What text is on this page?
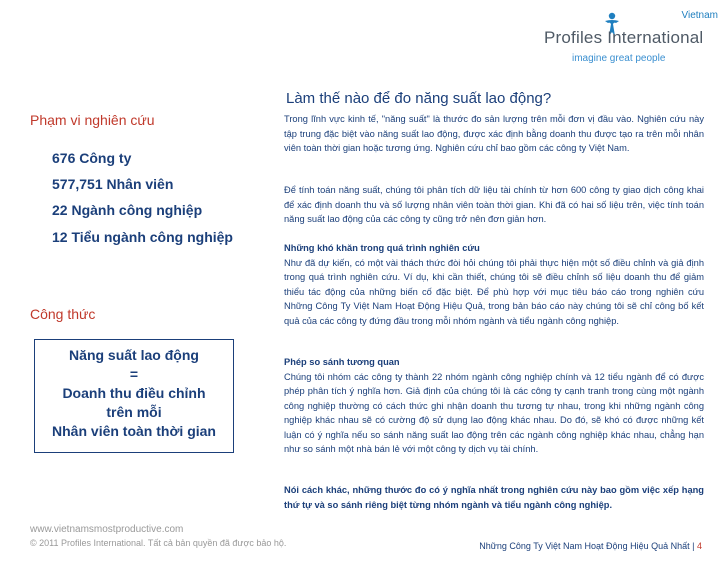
Vietnam
Profiles International
imagine great people
Phạm vi nghiên cứu
676 Công ty
577,751 Nhân viên
22 Ngành công nghiệp
12 Tiểu ngành công nghiệp
Công thức
Năng suất lao động
=
Doanh thu điều chỉnh
trên mỗi
Nhân viên toàn thời gian
www.vietnamsmostproductive.com
© 2011 Profiles International. Tất cả bản quyền đã được bảo hộ.
Làm thế nào để đo năng suất lao động?

Trong lĩnh vực kinh tế, "năng suất" là thước đo sản lượng trên mỗi đơn vị đầu vào. Nghiên cứu này tập trung đặc biệt vào năng suất lao động, được xác định bằng doanh thu được tạo ra trên mỗi nhân viên toàn thời gian hoặc tương ứng. Nghiên cứu chỉ bao gồm các công ty Việt Nam.

Để tính toán năng suất, chúng tôi phân tích dữ liệu tài chính từ hơn 600 công ty giao dịch công khai để xác định doanh thu và số lượng nhân viên toàn thời gian. Khi đã có hai số liệu trên, việc tính toán năng suất lao động của các công ty cũng trở nên đơn giản hơn.

Những khó khăn trong quá trình nghiên cứu

Như đã dự kiến, có một vài thách thức đòi hỏi chúng tôi phải thực hiện một số điều chỉnh và giả định trong quá trình nghiên cứu. Ví dụ, khi cần thiết, chúng tôi sẽ điều chỉnh số liệu doanh thu để giảm thiểu tác động của những biến cố đặc biệt. Để phù hợp với mục tiêu báo cáo trong nghiên cứu Những Công Ty Việt Nam Hoạt Động Hiệu Quả, trong bản báo cáo này chúng tôi sẽ chỉ công bố kết quả của các công ty đứng đầu trong mỗi nhóm ngành và tiểu ngành công nghiệp.

Phép so sánh tương quan

Chúng tôi nhóm các công ty thành 22 nhóm ngành công nghiệp chính và 12 tiểu ngành để có được phép phân tích ý nghĩa hơn. Giả định của chúng tôi là các công ty cạnh tranh trong cùng một ngành công nghiệp thường có cách thức ghi nhận doanh thu tương tự nhau, trong khi những ngành công nghiệp khác nhau sẽ có cường độ sử dụng lao động khác nhau. Do đó, sẽ khó có được những kết luận có ý nghĩa nếu so sánh năng suất lao động trên các ngành công nghiệp khác nhau, chẳng hạn như so sánh một nhà bán lẻ với một công ty dịch vụ tài chính.

Nói cách khác, những thước đo có ý nghĩa nhất trong nghiên cứu này bao gồm việc xếp hạng thứ tự và so sánh riêng biệt từng nhóm ngành và tiểu ngành công nghiệp.

Những Công Ty Việt Nam Hoạt Động Hiệu Quả Nhất | 4
